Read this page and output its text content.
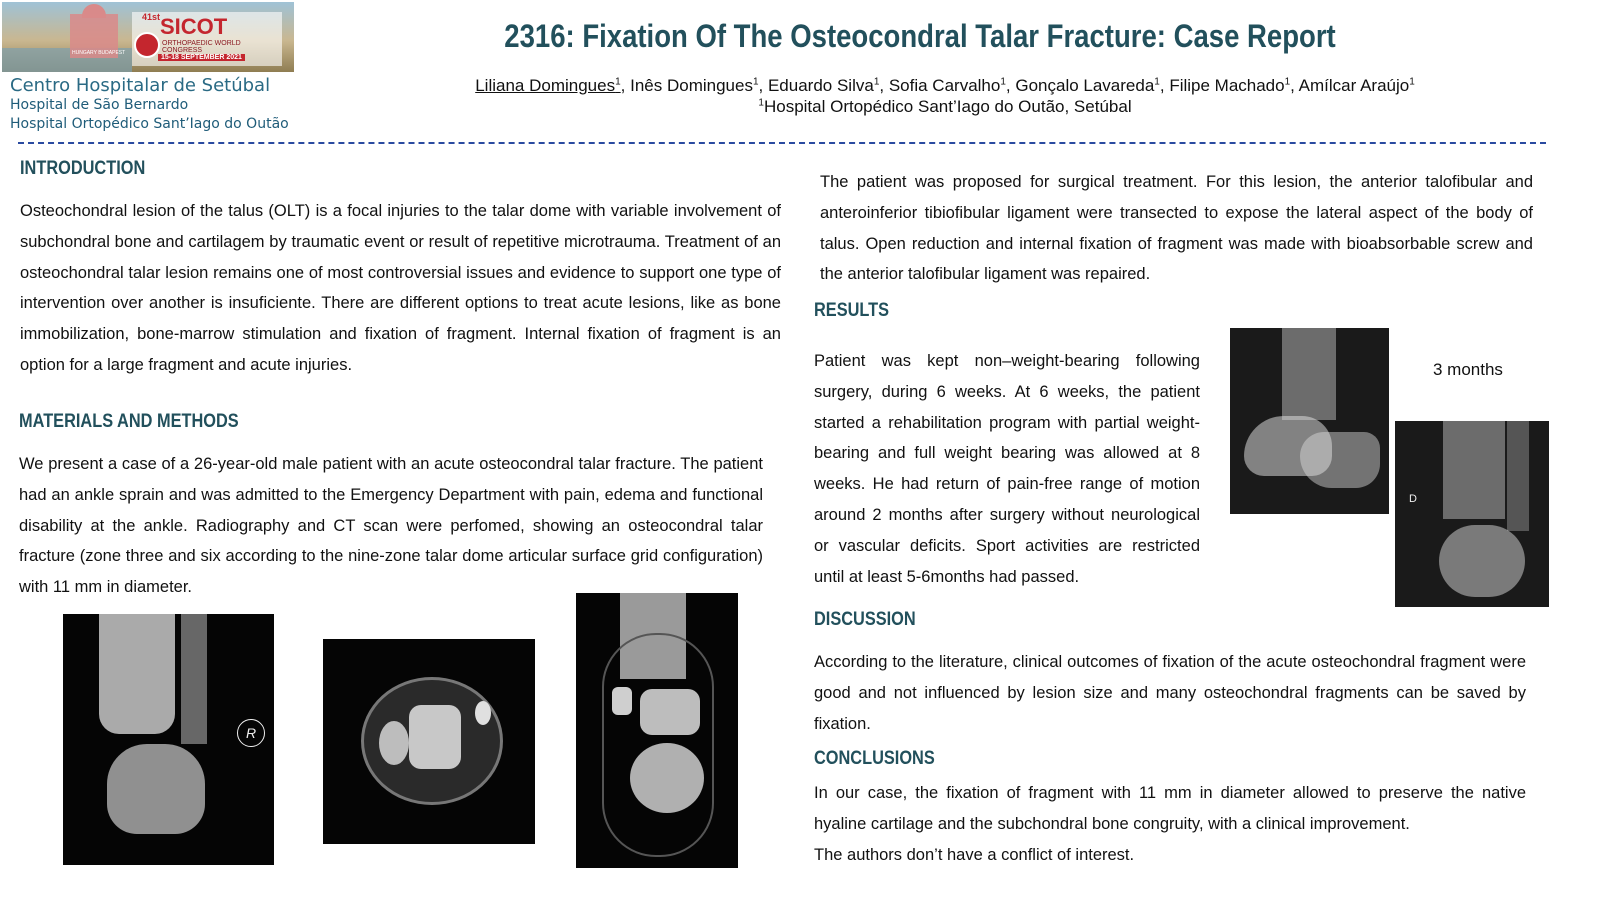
HUNGARY BUDAPEST
41st SICOT
ORTHOPAEDIC WORLD CONGRESS
15-18 SEPTEMBER 2021
Centro Hospitalar de Setúbal
Hospital de São Bernardo
Hospital Ortopédico Sant’Iago do Outão
2316: Fixation Of The Osteocondral Talar Fracture: Case Report
Liliana Domingues$^1$, Inês Domingues$^1$, Eduardo Silva$^1$, Sofia Carvalho$^1$, Gonçalo Lavareda$^1$, Filipe Machado$^1$, Amílcar Araújo$^1$
$^1$Hospital Ortopédico Sant’Iago do Outão, Setúbal
INTRODUCTION
Osteochondral lesion of the talus (OLT) is a focal injuries to the talar dome with variable involvement of subchondral bone and cartilagem by traumatic event or result of repetitive microtrauma. Treatment of an osteochondral talar lesion remains one of most controversial issues and evidence to support one type of intervention over another is insuficiente. There are different options to treat acute lesions, like as bone immobilization, bone-marrow stimulation and fixation of fragment. Internal fixation of fragment is an option for a large fragment and acute injuries.
MATERIALS AND METHODS
We present a case of a 26-year-old male patient with an acute osteocondral talar fracture. The patient had an ankle sprain and was admitted to the Emergency Department with pain, edema and functional disability at the ankle. Radiography and CT scan were perfomed, showing an osteocondral talar fracture (zone three and six according to the nine-zone talar dome articular surface grid configuration) with 11 mm in diameter.
R
The patient was proposed for surgical treatment. For this lesion, the anterior talofibular and anteroinferior tibiofibular ligament were transected to expose the lateral aspect of the body of talus. Open reduction and internal fixation of fragment was made with bioabsorbable screw and the anterior talofibular ligament was repaired.
RESULTS
Patient was kept non–weight-bearing following surgery, during 6 weeks. At 6 weeks, the patient started a rehabilitation program with partial weight-bearing and full weight bearing was allowed at 8 weeks. He had return of pain-free range of motion around 2 months after surgery without neurological or vascular deficits. Sport activities are restricted until at least 5-6months had passed.
3 months
D
DISCUSSION
According to the literature, clinical outcomes of fixation of the acute osteochondral fragment were good and not influenced by lesion size and many osteochondral fragments can be saved by fixation.
CONCLUSIONS
In our case, the fixation of fragment with 11 mm in diameter allowed to preserve the native hyaline cartilage and the subchondral bone congruity, with a clinical improvement.
The authors don’t have a conflict of interest.
